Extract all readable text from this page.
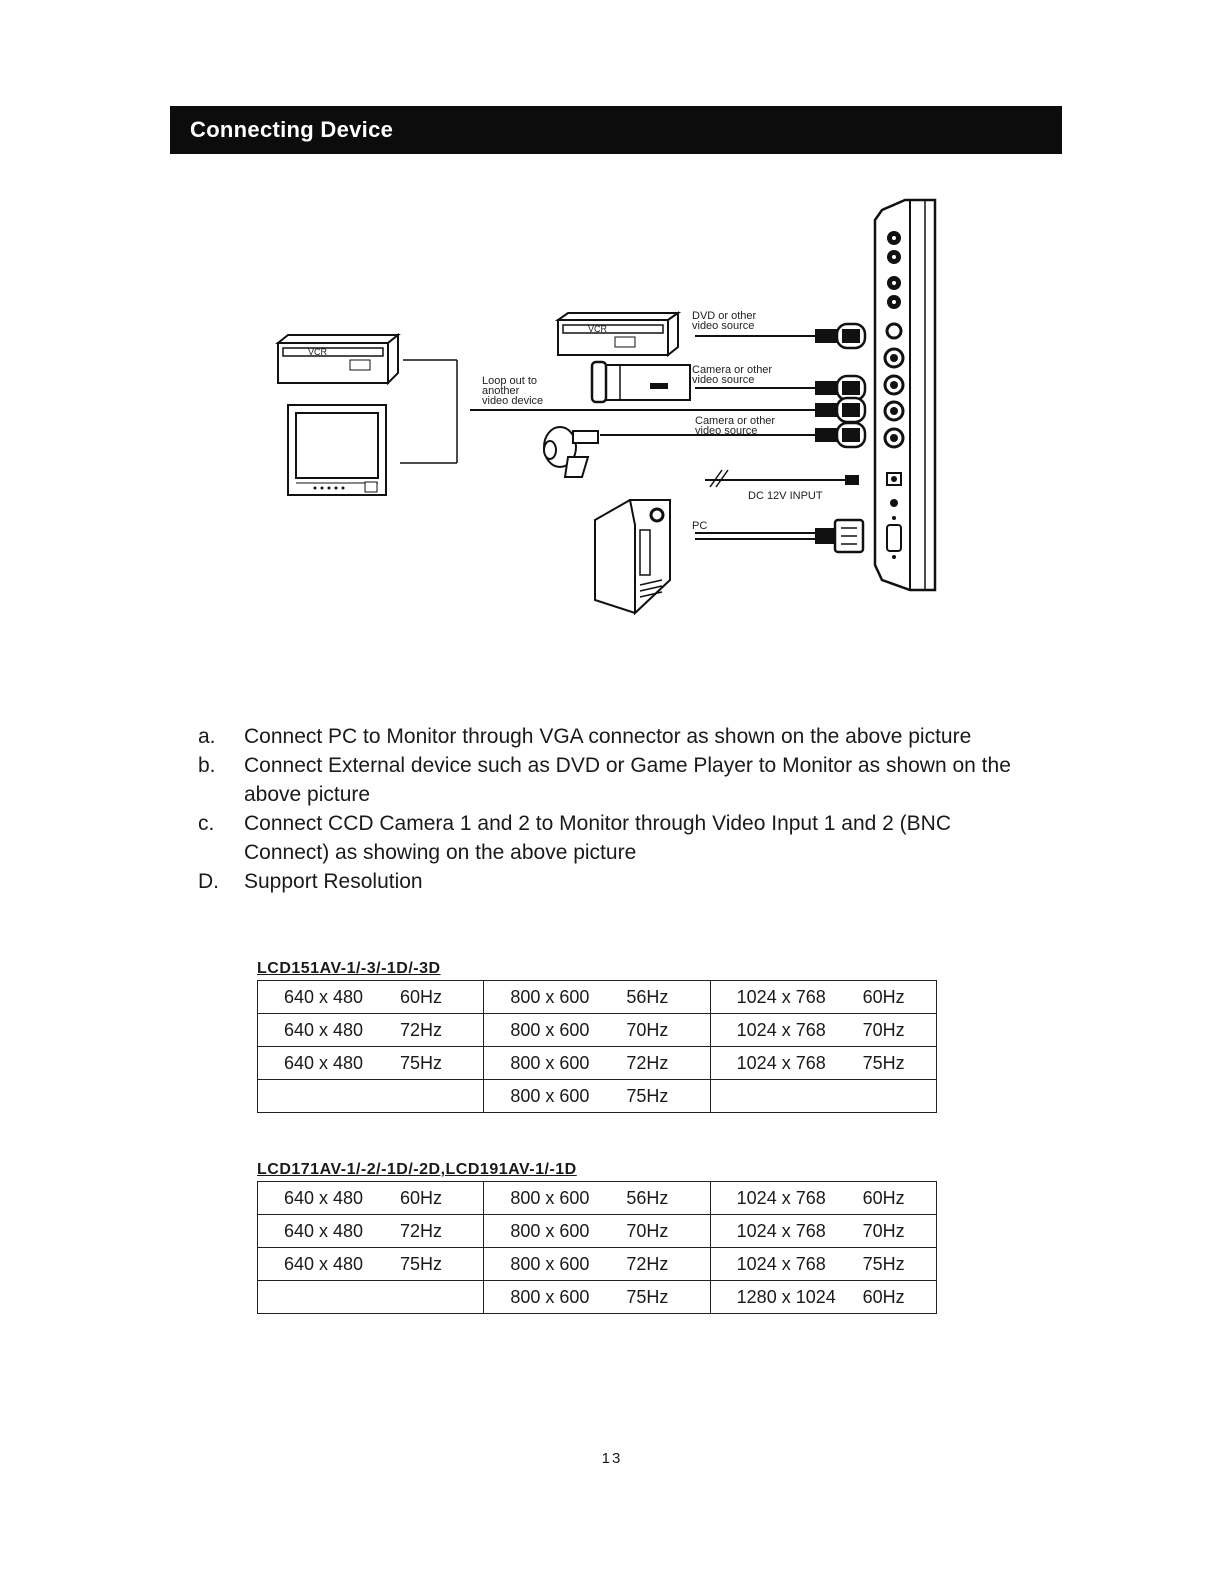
Connecting Device
VCR
VCR
DVD or other
video source
Camera or other
video source
Camera or other
video source
Loop out to
another
video device
DC 12V INPUT
PC
a.	Connect PC to Monitor through VGA connector as shown on the above picture
b.	Connect External device such as DVD or Game Player to Monitor as shown on the above picture
c.	Connect CCD Camera 1 and 2 to Monitor through Video Input 1 and 2 (BNC Connect) as showing on the above picture
D.	Support Resolution
LCD151AV-1/-3/-1D/-3D
640 x 480 60Hz	800 x 600 56Hz	1024 x 768 60Hz
640 x 480 72Hz	800 x 600 70Hz	1024 x 768 70Hz
640 x 480 75Hz	800 x 600 72Hz	1024 x 768 75Hz
	800 x 600 75Hz	
LCD171AV-1/-2/-1D/-2D,LCD191AV-1/-1D
640 x 480 60Hz	800 x 600 56Hz	1024 x 768 60Hz
640 x 480 72Hz	800 x 600 70Hz	1024 x 768 70Hz
640 x 480 75Hz	800 x 600 72Hz	1024 x 768 75Hz
	800 x 600 75Hz	1280 x 1024 60Hz
13
